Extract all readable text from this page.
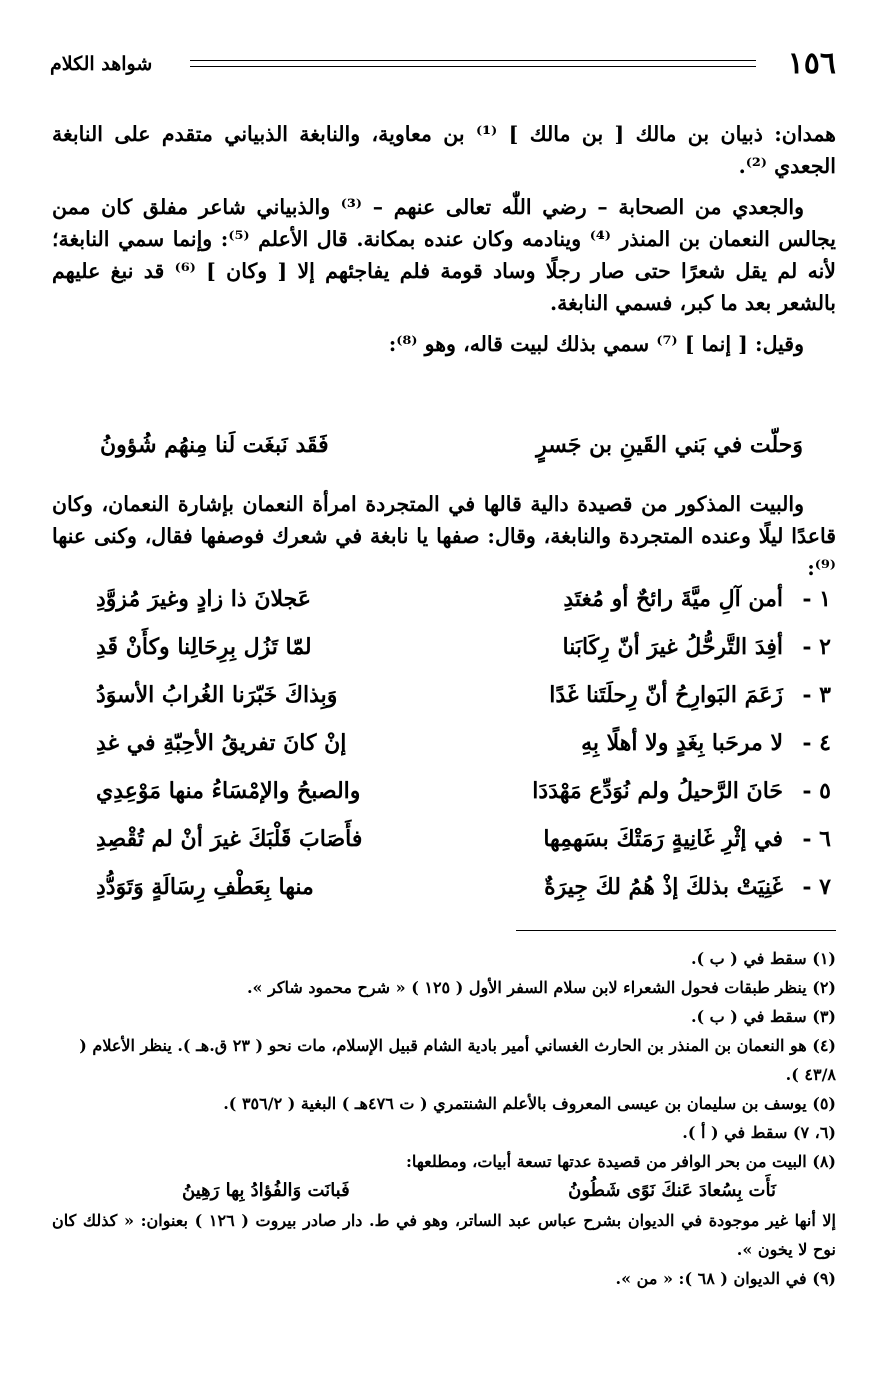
١٥٦
شواهد الكلام

همدان: ذبيان بن مالك [ بن مالك ] ⁽¹⁾ بن معاوية، والنابغة الذبياني متقدم على النابغة الجعدي ⁽²⁾.

والجعدي من الصحابة – رضي اللّٰه تعالى عنهم – ⁽³⁾ والذبياني شاعر مفلق كان ممن يجالس النعمان بن المنذر ⁽⁴⁾ وينادمه وكان عنده بمكانة. قال الأعلم ⁽⁵⁾: وإنما سمي النابغة؛ لأنه لم يقل شعرًا حتى صار رجلًا وساد قومة فلم يفاجئهم إلا [ وكان ] ⁽⁶⁾ قد نبغ عليهم بالشعر بعد ما كبر، فسمي النابغة.

وقيل: [ إنما ] ⁽⁷⁾ سمي بذلك لبيت قاله، وهو ⁽⁸⁾:

وَحلّت في بَني القَينِ بن جَسرٍ
فَقَد نَبغَت لَنا مِنهُم شُؤونُ

والبيت المذكور من قصيدة دالية قالها في المتجردة امرأة النعمان بإشارة النعمان، وكان قاعدًا ليلًا وعنده المتجردة والنابغة، وقال: صفها يا نابغة في شعرك فوصفها فقال، وكنى عنها ⁽⁹⁾:

١ -
أمن آلِ ميَّةَ رائحٌ أو مُغتَدِ
عَجلانَ ذا زادٍ وغيرَ مُزوَّدِ
٢ -
أفِدَ التَّرحُّلُ غيرَ أنّ رِكَابَنا
لمّا تَزُل بِرِحَالِنا وكأَنْ قَدِ
٣ -
زَعَمَ البَوارِحُ أنّ رِحلَتَنا غَدًا
وَبِذاكَ خَبّرَنا الغُرابُ الأسوَدُ
٤ -
لا مرحَبا بِغَدٍ ولا أهلًا بِهِ
إنْ كانَ تفريقُ الأحِبّةِ في غدِ
٥ -
حَانَ الرَّحيلُ ولم نُوَدِّع مَهْدَدَا
والصبحُ والإمْسَاءُ منها مَوْعِدِي
٦ -
في إثْرِ غَانِيةٍ رَمَتْكَ بسَهمِها
فأَصَابَ قَلْبَكَ غيرَ أنْ لم تُقْصِدِ
٧ -
غَنِيَتْ بذلكَ إذْ هُمُ لكَ جِيرَةٌ
منها بِعَطْفِ رِسَالَةٍ وَتَوَدُّدِ

(١) سقط في ( ب ).

(٢) ينظر طبقات فحول الشعراء لابن سلام السفر الأول ( ١٢٥ ) « شرح محمود شاكر ».

(٣) سقط في ( ب ).

(٤) هو النعمان بن المنذر بن الحارث الغساني أمير بادية الشام قبيل الإسلام، مات نحو ( ٢٣ ق.هـ ). ينظر الأعلام ( ٤٣/٨ ).

(٥) يوسف بن سليمان بن عيسى المعروف بالأعلم الشنتمري ( ت ٤٧٦هـ ) البغية ( ٣٥٦/٢ ).

(٦، ٧) سقط في ( أ ).

(٨) البيت من بحر الوافر من قصيدة عدتها تسعة أبيات، ومطلعها:

نَأَت بِسُعادَ عَنكَ نَوًى شَطُونُ
فَبانَت وَالفُؤادُ بِها رَهِينُ

إلا أنها غير موجودة في الديوان بشرح عباس عبد الساتر، وهو في ط. دار صادر بيروت ( ١٢٦ ) بعنوان: « كذلك كان نوح لا يخون ».

(٩) في الديوان ( ٦٨ ): « من ».
